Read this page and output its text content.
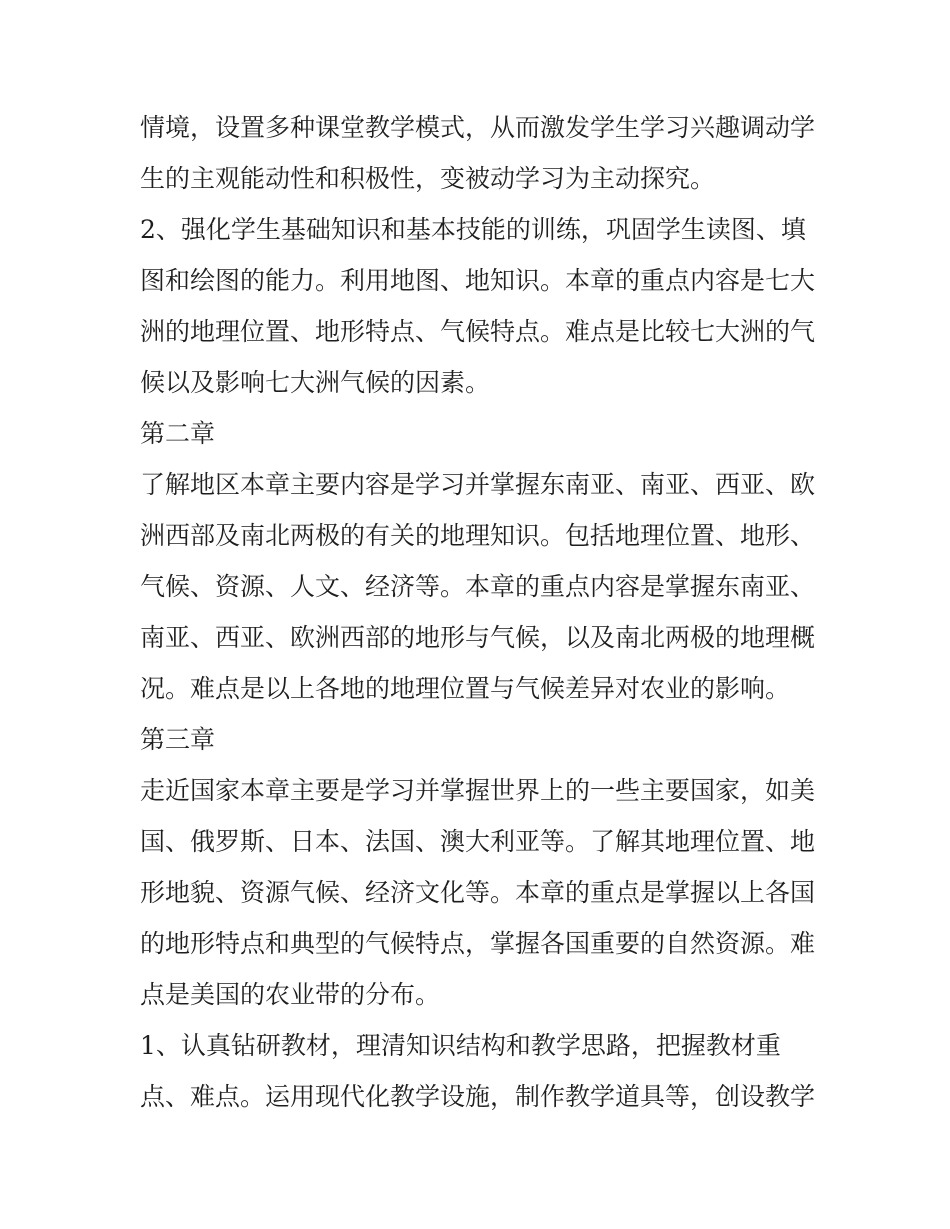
情境，设置多种课堂教学模式，从而激发学生学习兴趣调动学
生的主观能动性和积极性，变被动学习为主动探究。
2、强化学生基础知识和基本技能的训练，巩固学生读图、填
图和绘图的能力。利用地图、地知识。本章的重点内容是七大
洲的地理位置、地形特点、气候特点。难点是比较七大洲的气
候以及影响七大洲气候的因素。
第二章
了解地区本章主要内容是学习并掌握东南亚、南亚、西亚、欧
洲西部及南北两极的有关的地理知识。包括地理位置、地形、
气候、资源、人文、经济等。本章的重点内容是掌握东南亚、
南亚、西亚、欧洲西部的地形与气候，以及南北两极的地理概
况。难点是以上各地的地理位置与气候差异对农业的影响。
第三章
走近国家本章主要是学习并掌握世界上的一些主要国家，如美
国、俄罗斯、日本、法国、澳大利亚等。了解其地理位置、地
形地貌、资源气候、经济文化等。本章的重点是掌握以上各国
的地形特点和典型的气候特点，掌握各国重要的自然资源。难
点是美国的农业带的分布。
1、认真钻研教材，理清知识结构和教学思路，把握教材重
点、难点。运用现代化教学设施，制作教学道具等，创设教学
